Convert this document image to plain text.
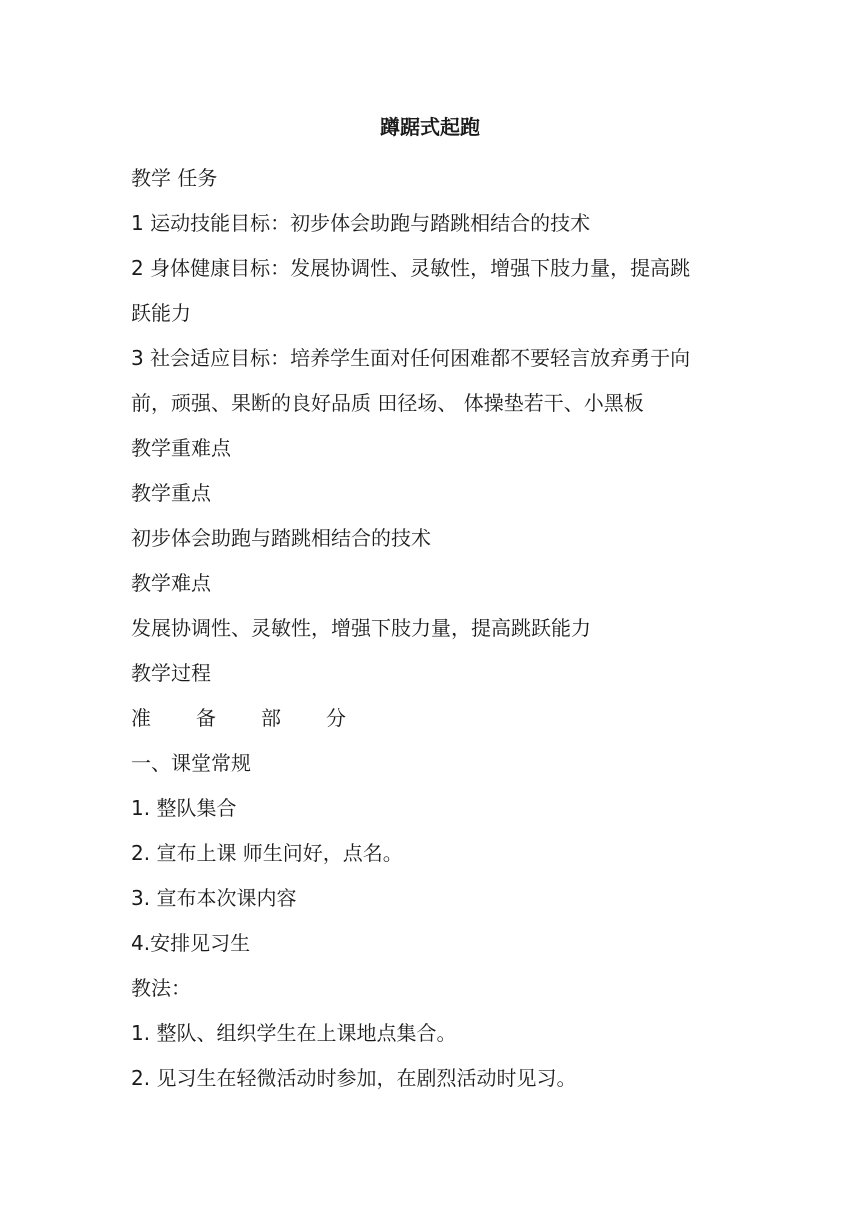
蹲踞式起跑

教学 任务

1 运动技能目标：初步体会助跑与踏跳相结合的技术

2 身体健康目标：发展协调性、灵敏性，增强下肢力量，提高跳

跃能力

3 社会适应目标：培养学生面对任何困难都不要轻言放弃勇于向

前，顽强、果断的良好品质 田径场、 体操垫若干、小黑板

教学重难点

教学重点

初步体会助跑与踏跳相结合的技术

教学难点

发展协调性、灵敏性，增强下肢力量，提高跳跃能力

教学过程

准 备 部 分

一、课堂常规

1. 整队集合

2. 宣布上课 师生问好，点名。

3. 宣布本次课内容

4.安排见习生

教法：

1. 整队、组织学生在上课地点集合。

2. 见习生在轻微活动时参加，在剧烈活动时见习。
